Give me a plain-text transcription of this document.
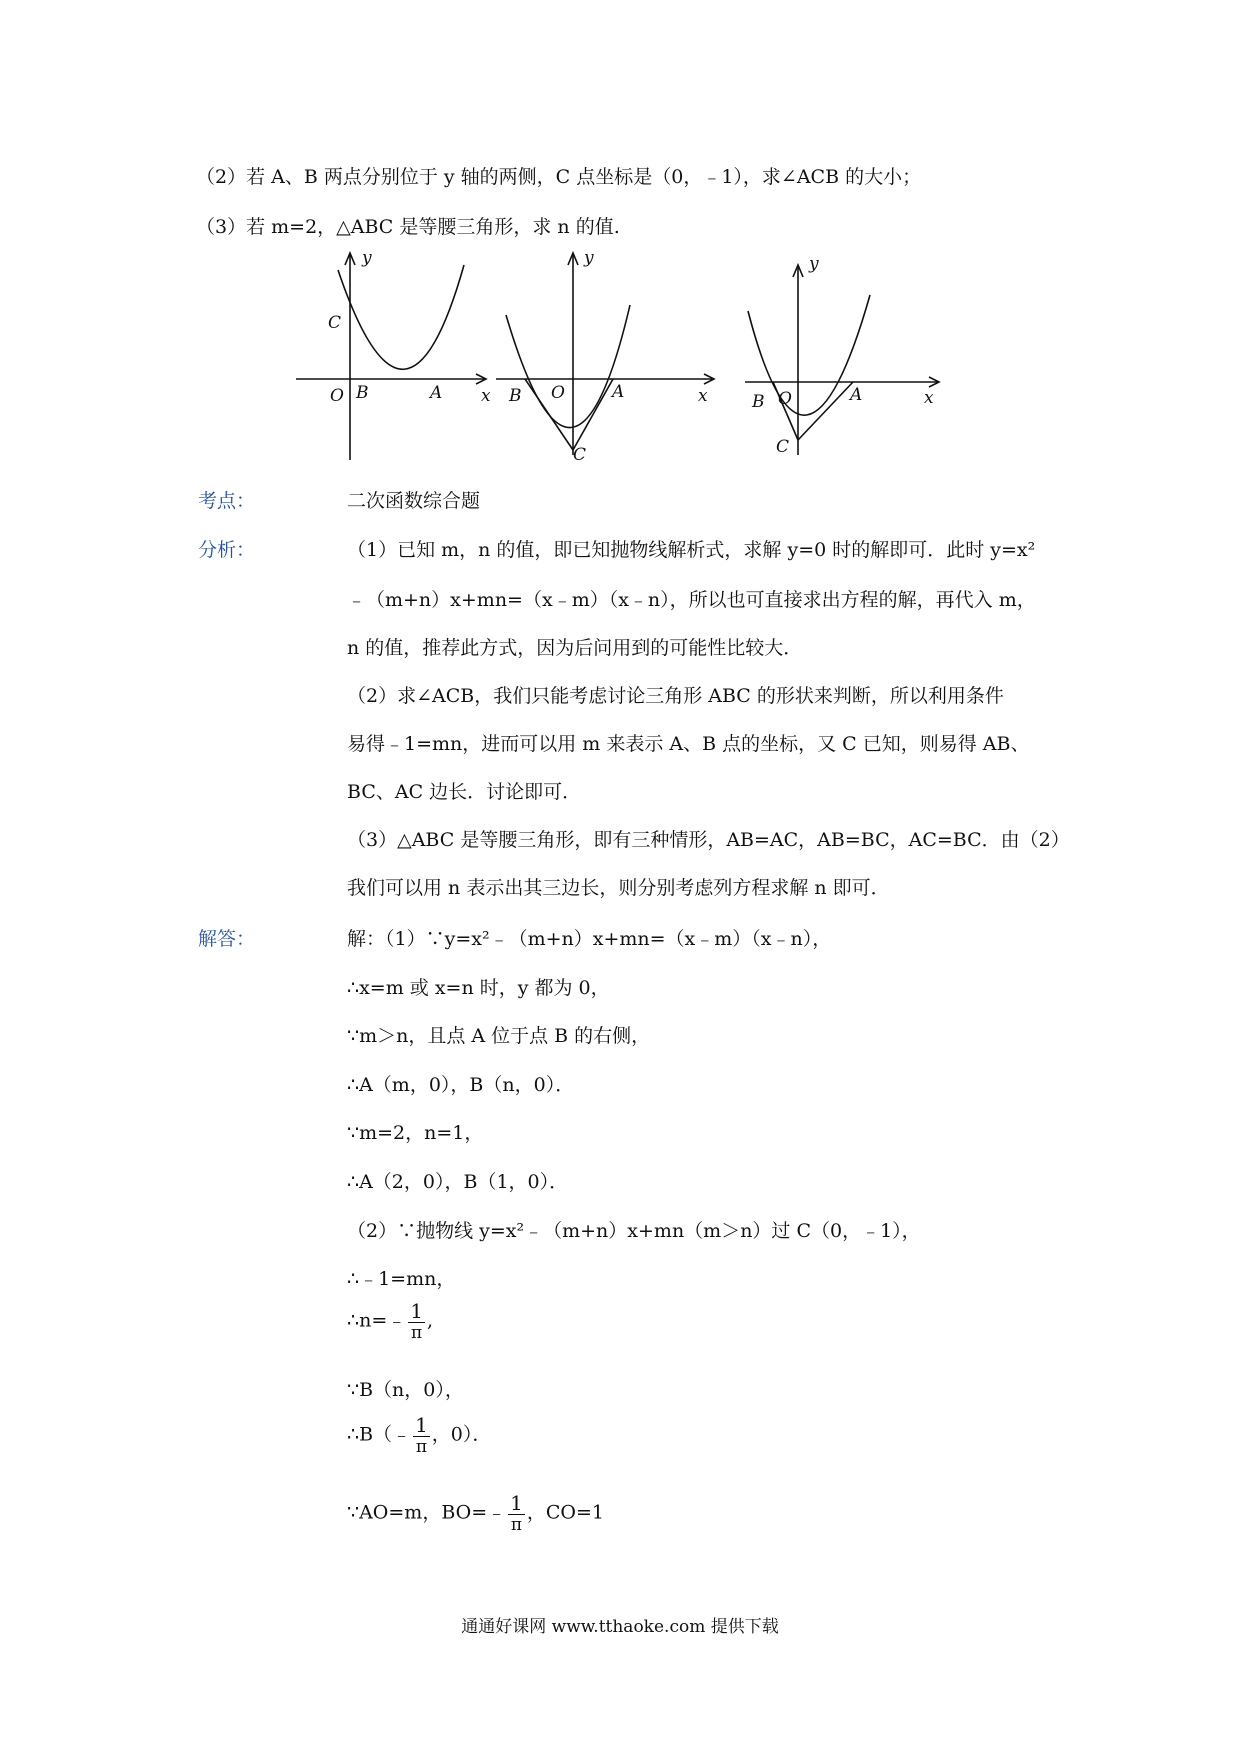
（2）若 A、B 两点分别位于 y 轴的两侧，C 点坐标是（0，﹣1），求∠ACB 的大小；
（3）若 m=2，△ABC 是等腰三角形，求 n 的值.
y
C
O B	A x
y
B O	A	x
C
y
B O	A	x
C
考点：	二次函数综合题
分析：	（1）已知 m，n 的值，即已知抛物线解析式，求解 y=0 时的解即可．此时 y=x²
﹣（m+n）x+mn=（x﹣m）（x﹣n），所以也可直接求出方程的解，再代入 m，
n 的值，推荐此方式，因为后问用到的可能性比较大．
（2）求∠ACB，我们只能考虑讨论三角形 ABC 的形状来判断，所以利用条件
易得﹣1=mn，进而可以用 m 来表示 A、B 点的坐标，又 C 已知，则易得 AB、
BC、AC 边长．讨论即可．
（3）△ABC 是等腰三角形，即有三种情形，AB=AC，AB=BC，AC=BC．由（2）
我们可以用 n 表示出其三边长，则分别考虑列方程求解 n 即可．
解答：	解：（1）∵y=x²﹣（m+n）x+mn=（x﹣m）（x﹣n），
∴x=m 或 x=n 时，y 都为 0，
∵m＞n，且点 A 位于点 B 的右侧，
∴A（m，0），B（n，0）．
∵m=2，n=1，
∴A（2，0），B（1，0）．
（2）∵抛物线 y=x²﹣（m+n）x+mn（m＞n）过 C（0，﹣1），
∴﹣1=mn，
∴n=﹣ $\frac{1}{\pi}$ ,
∵B（n，0），
∴B（﹣ $\frac{1}{\pi}$ ，0）．
∵AO=m，BO=﹣ $\frac{1}{\pi}$ ，CO=1
通通好课网 www.tthaoke.com 提供下载
